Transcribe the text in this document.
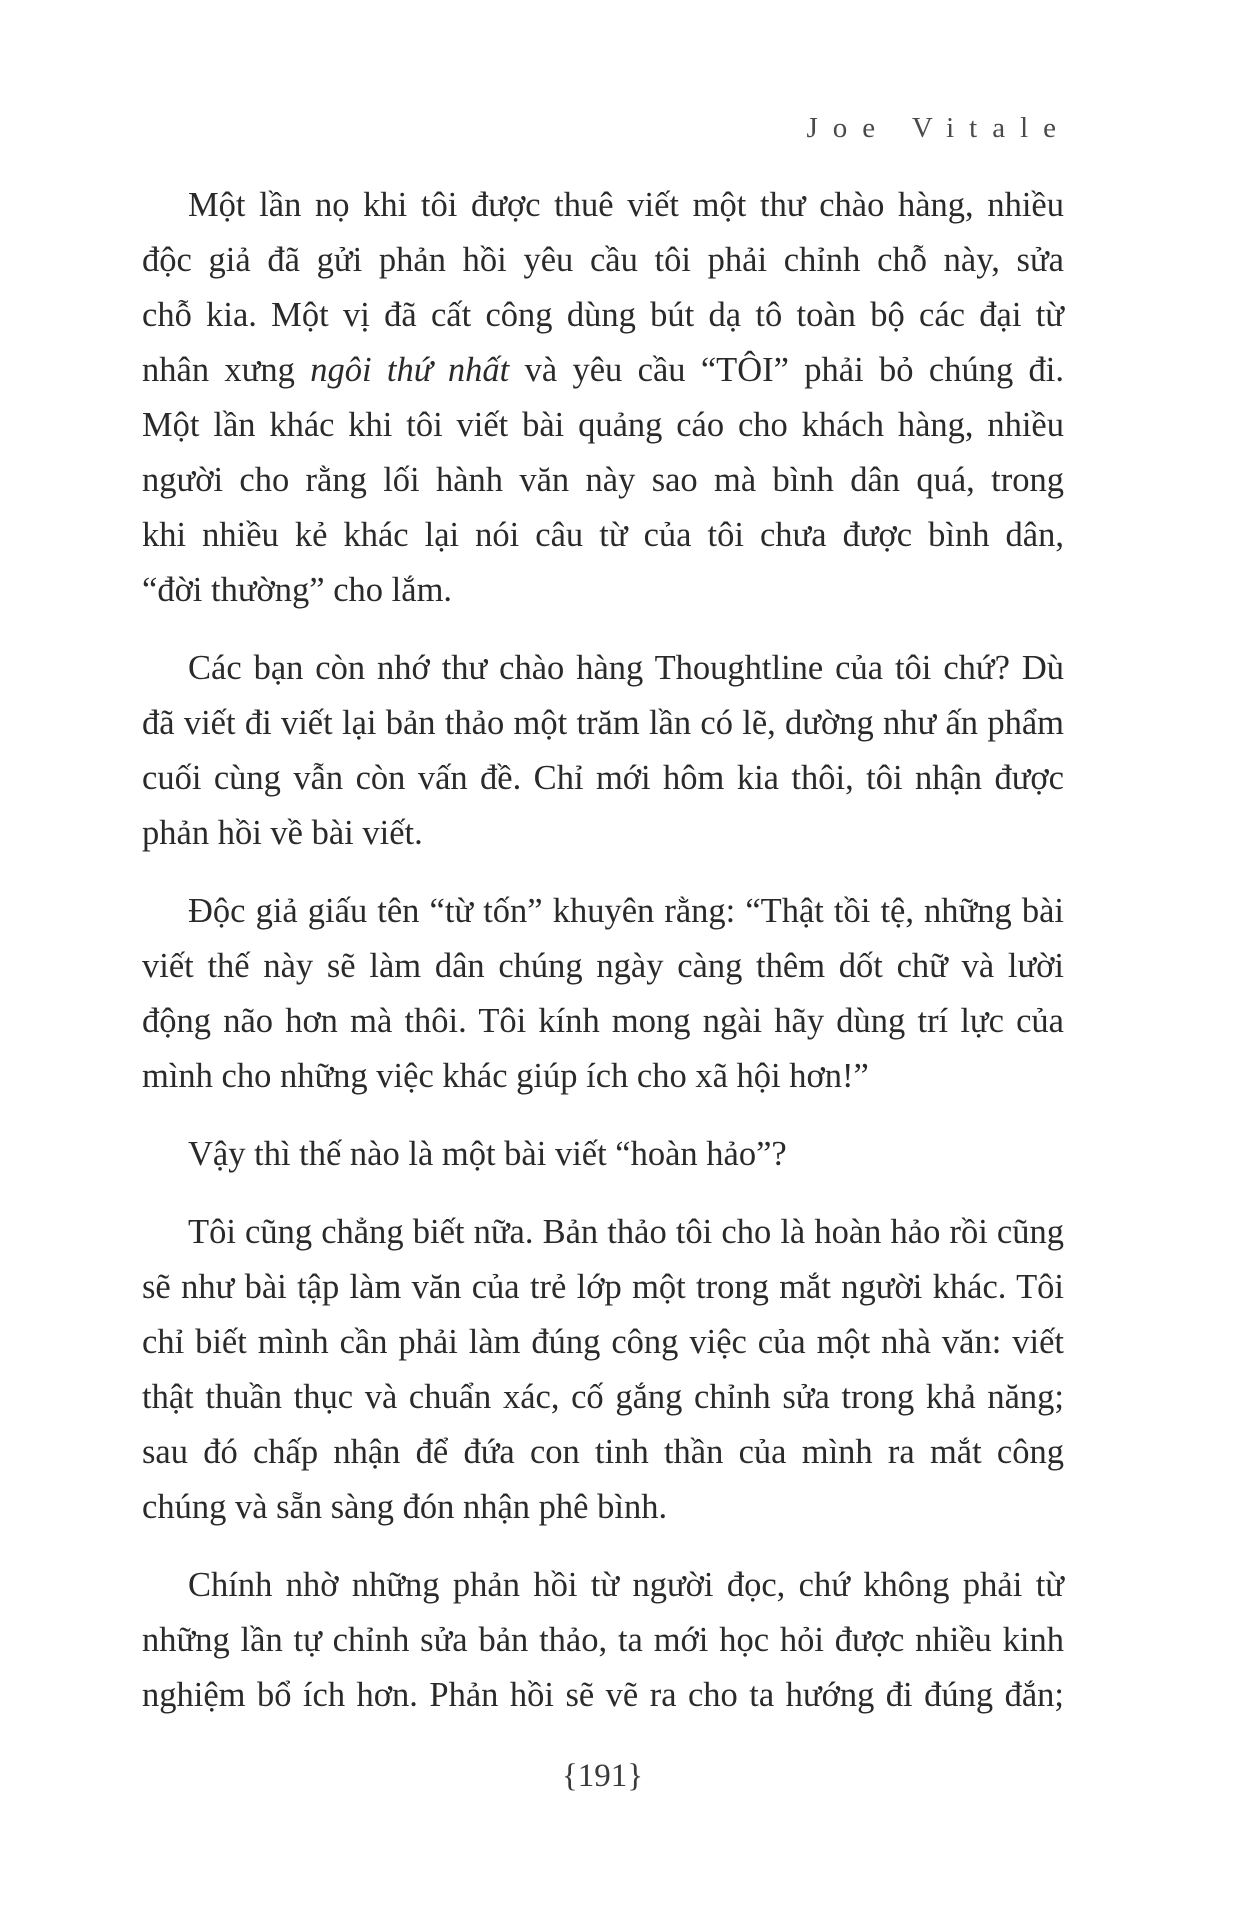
Joe Vitale

Một lần nọ khi tôi được thuê viết một thư chào hàng, nhiều
độc giả đã gửi phản hồi yêu cầu tôi phải chỉnh chỗ này, sửa
chỗ kia. Một vị đã cất công dùng bút dạ tô toàn bộ các đại từ
nhân xưng ngôi thứ nhất và yêu cầu “TÔI” phải bỏ chúng đi.
Một lần khác khi tôi viết bài quảng cáo cho khách hàng, nhiều
người cho rằng lối hành văn này sao mà bình dân quá, trong
khi nhiều kẻ khác lại nói câu từ của tôi chưa được bình dân,
“đời thường” cho lắm.

Các bạn còn nhớ thư chào hàng Thoughtline của tôi chứ? Dù
đã viết đi viết lại bản thảo một trăm lần có lẽ, dường như ấn phẩm
cuối cùng vẫn còn vấn đề. Chỉ mới hôm kia thôi, tôi nhận được
phản hồi về bài viết.

Độc giả giấu tên “từ tốn” khuyên rằng: “Thật tồi tệ, những bài
viết thế này sẽ làm dân chúng ngày càng thêm dốt chữ và lười
động não hơn mà thôi. Tôi kính mong ngài hãy dùng trí lực của
mình cho những việc khác giúp ích cho xã hội hơn!”

Vậy thì thế nào là một bài viết “hoàn hảo”?

Tôi cũng chẳng biết nữa. Bản thảo tôi cho là hoàn hảo rồi cũng
sẽ như bài tập làm văn của trẻ lớp một trong mắt người khác. Tôi
chỉ biết mình cần phải làm đúng công việc của một nhà văn: viết
thật thuần thục và chuẩn xác, cố gắng chỉnh sửa trong khả năng;
sau đó chấp nhận để đứa con tinh thần của mình ra mắt công
chúng và sẵn sàng đón nhận phê bình.

Chính nhờ những phản hồi từ người đọc, chứ không phải từ
những lần tự chỉnh sửa bản thảo, ta mới học hỏi được nhiều kinh
nghiệm bổ ích hơn. Phản hồi sẽ vẽ ra cho ta hướng đi đúng đắn;

{191}
